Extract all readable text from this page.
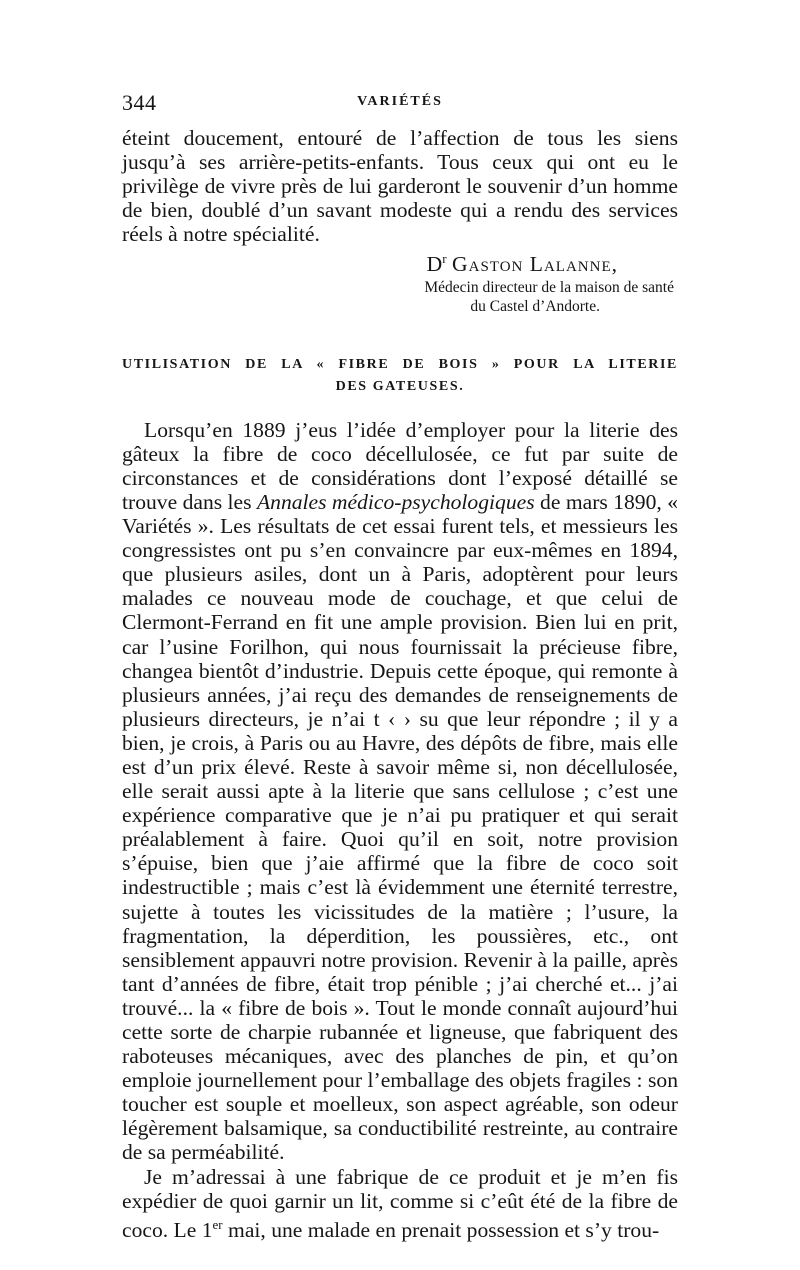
344	VARIÉTÉS

éteint doucement, entouré de l’affection de tous les siens jusqu’à ses arrière-petits-enfants. Tous ceux qui ont eu le privilège de vivre près de lui garderont le souvenir d’un homme de bien, doublé d’un savant modeste qui a rendu des services réels à notre spécialité.

$D^r$ Gaston Lalanne,
Médecin directeur de la maison de santé
du Castel d’Andorte.
UTILISATION DE LA « FIBRE DE BOIS » POUR LA LITERIE
DES GATEUSES.

Lorsqu’en 1889 j’eus l’idée d’employer pour la literie des gâteux la fibre de coco décellulosée, ce fut par suite de circonstances et de considérations dont l’exposé détaillé se trouve dans les Annales médico-psychologiques de mars 1890, « Variétés ». Les résultats de cet essai furent tels, et messieurs les congressistes ont pu s’en convaincre par eux-mêmes en 1894, que plusieurs asiles, dont un à Paris, adoptèrent pour leurs malades ce nouveau mode de couchage, et que celui de Clermont-Ferrand en fit une ample provision. Bien lui en prit, car l’usine Forilhon, qui nous fournissait la précieuse fibre, changea bientôt d’industrie. Depuis cette époque, qui remonte à plusieurs années, j’ai reçu des demandes de renseignements de plusieurs directeurs, je n’ai t ‹ › su que leur répondre ; il y a bien, je crois, à Paris ou au Havre, des dépôts de fibre, mais elle est d’un prix élevé. Reste à savoir même si, non décellulosée, elle serait aussi apte à la literie que sans cellulose ; c’est une expérience comparative que je n’ai pu pratiquer et qui serait préalablement à faire. Quoi qu’il en soit, notre provision s’épuise, bien que j’aie affirmé que la fibre de coco soit indestructible ; mais c’est là évidemment une éternité terrestre, sujette à toutes les vicissitudes de la matière ; l’usure, la fragmentation, la déperdition, les poussières, etc., ont sensiblement appauvri notre provision. Revenir à la paille, après tant d’années de fibre, était trop pénible ; j’ai cherché et... j’ai trouvé... la « fibre de bois ». Tout le monde connaît aujourd’hui cette sorte de charpie rubannée et ligneuse, que fabriquent des raboteuses mécaniques, avec des planches de pin, et qu’on emploie journellement pour l’emballage des objets fragiles : son toucher est souple et moelleux, son aspect agréable, son odeur légèrement balsamique, sa conductibilité restreinte, au contraire de sa perméabilité.

Je m’adressai à une fabrique de ce produit et je m’en fis expédier de quoi garnir un lit, comme si c’eût été de la fibre de coco. Le 1er mai, une malade en prenait possession et s’y trou-
